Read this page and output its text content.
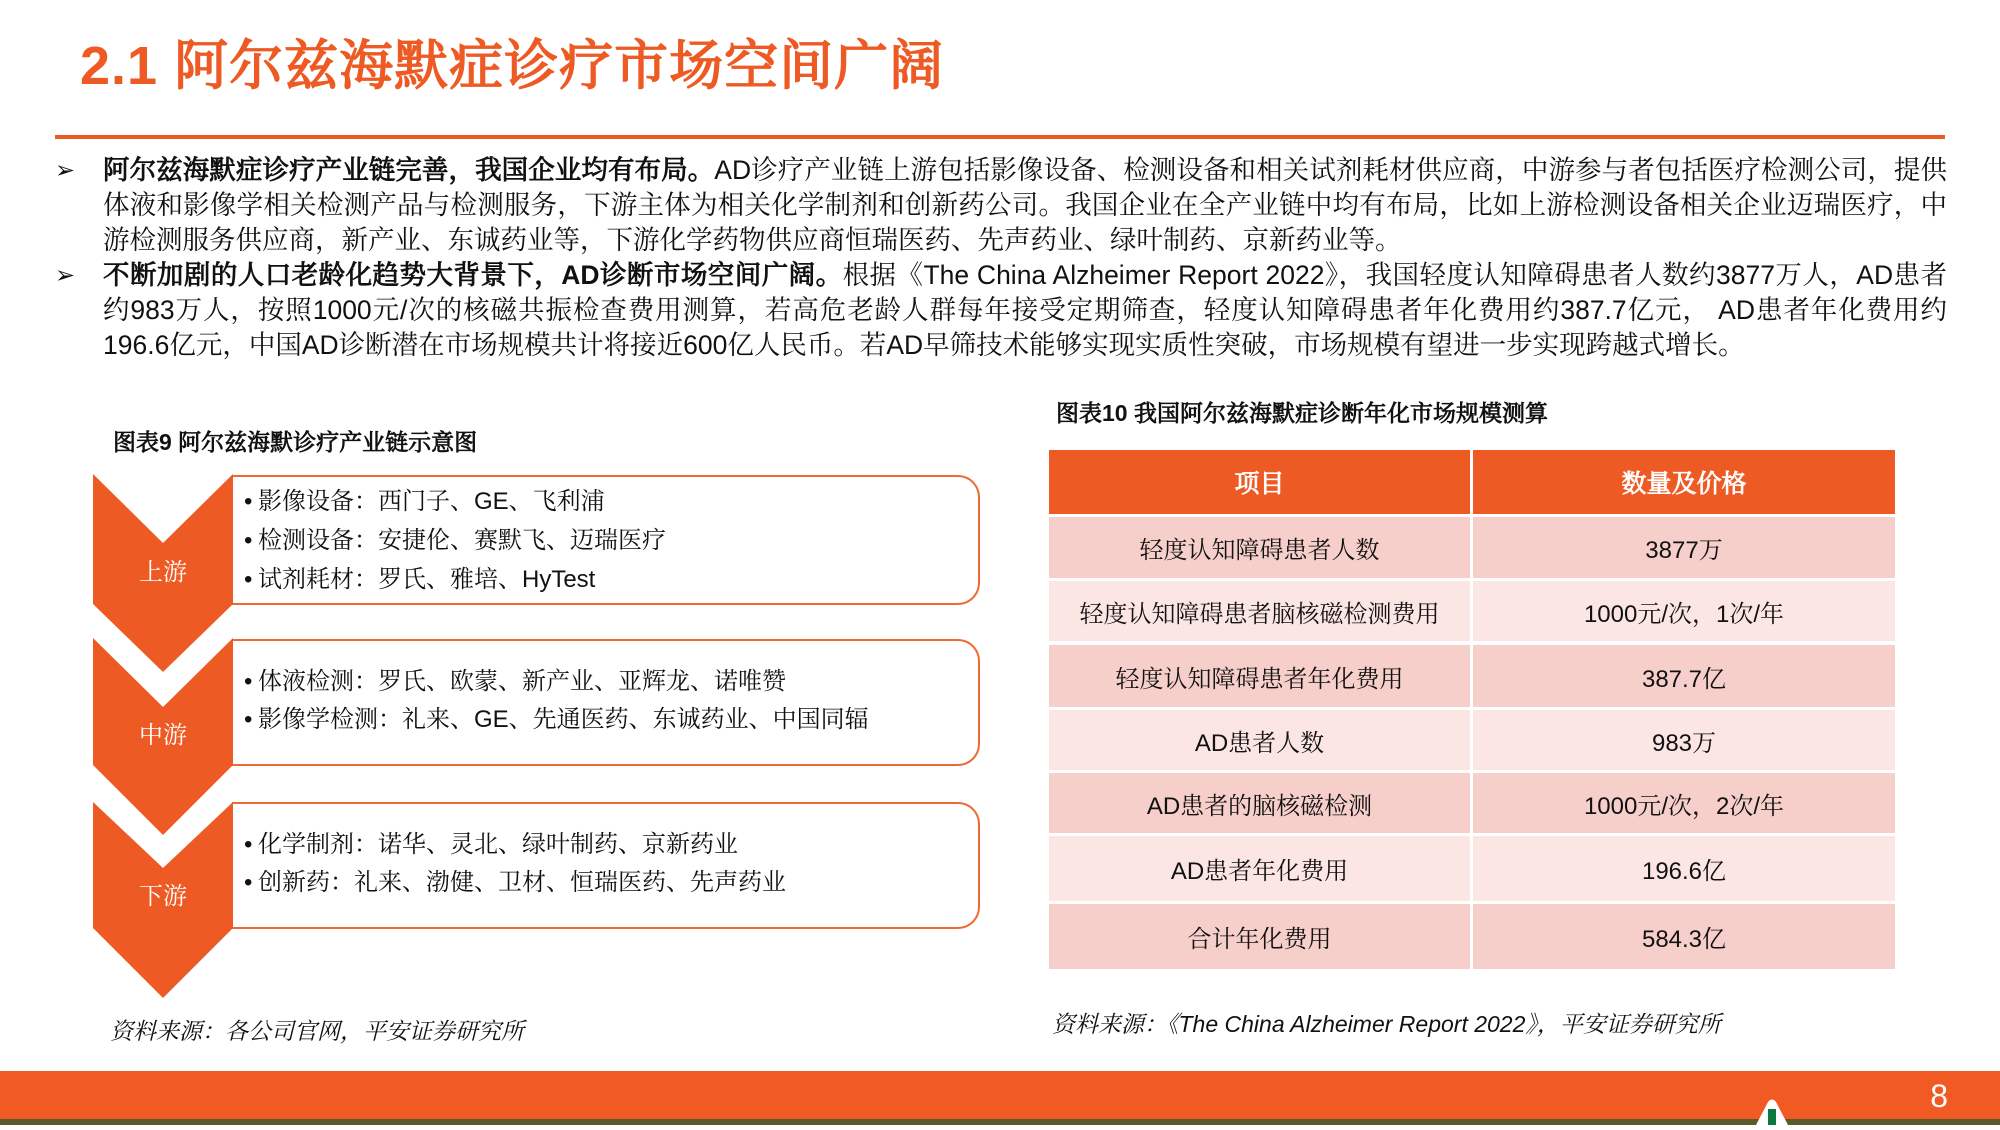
2.1 阿尔兹海默症诊疗市场空间广阔
➢ 阿尔兹海默症诊疗产业链完善，我国企业均有布局。AD诊疗产业链上游包括影像设备、检测设备和相关试剂耗材供应商，中游参与者包括医疗检测公司，提供体液和影像学相关检测产品与检测服务，下游主体为相关化学制剂和创新药公司。我国企业在全产业链中均有布局，比如上游检测设备相关企业迈瑞医疗，中游检测服务供应商，新产业、东诚药业等，下游化学药物供应商恒瑞医药、先声药业、绿叶制药、京新药业等。
➢ 不断加剧的人口老龄化趋势大背景下，AD诊断市场空间广阔。根据《The China Alzheimer Report 2022》，我国轻度认知障碍患者人数约3877万人，AD患者约983万人，按照1000元/次的核磁共振检查费用测算，若高危老龄人群每年接受定期筛查，轻度认知障碍患者年化费用约387.7亿元， AD患者年化费用约196.6亿元，中国AD诊断潜在市场规模共计将接近600亿人民币。若AD早筛技术能够实现实质性突破，市场规模有望进一步实现跨越式增长。
图表9 阿尔兹海默诊疗产业链示意图
• 影像设备：西门子、GE、飞利浦
• 检测设备：安捷伦、赛默飞、迈瑞医疗
• 试剂耗材：罗氏、雅培、HyTest
上游
• 体液检测：罗氏、欧蒙、新产业、亚辉龙、诺唯赞
• 影像学检测：礼来、GE、先通医药、东诚药业、中国同辐
中游
• 化学制剂：诺华、灵北、绿叶制药、京新药业
• 创新药：礼来、渤健、卫材、恒瑞医药、先声药业
下游
资料来源：各公司官网，平安证券研究所
图表10 我国阿尔兹海默症诊断年化市场规模测算
项目	数量及价格
轻度认知障碍患者人数	3877万
轻度认知障碍患者脑核磁检测费用	1000元/次，1次/年
轻度认知障碍患者年化费用	387.7亿
AD患者人数	983万
AD患者的脑核磁检测	1000元/次，2次/年
AD患者年化费用	196.6亿
合计年化费用	584.3亿
资料来源：《The China Alzheimer Report 2022》，平安证券研究所
8
